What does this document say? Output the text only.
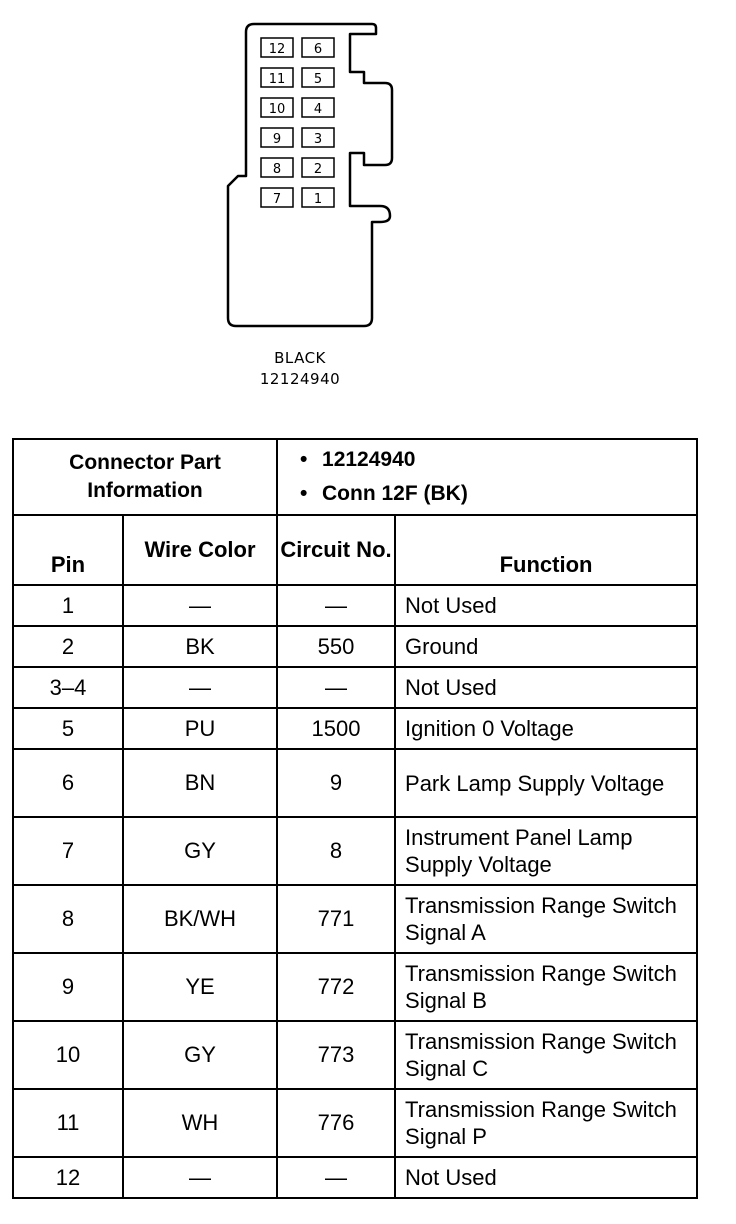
12 6
11 5
10 4
9	3
8	2
7	1
BLACK
12124940
Connector Part Information		• 12124940
• Conn 12F (BK)

Pin	Wire Color	Circuit No.	Function
1	—	—	Not Used
2	BK	550	Ground
3–4	—	—	Not Used
5	PU	1500	Ignition 0 Voltage
6	BN	9	Park Lamp Supply Voltage
7	GY	8	Instrument Panel Lamp Supply Voltage
8	BK/WH	771	Transmission Range Switch Signal A
9	YE	772	Transmission Range Switch Signal B
10	GY	773	Transmission Range Switch Signal C
11	WH	776	Transmission Range Switch Signal P
12	—	—	Not Used
